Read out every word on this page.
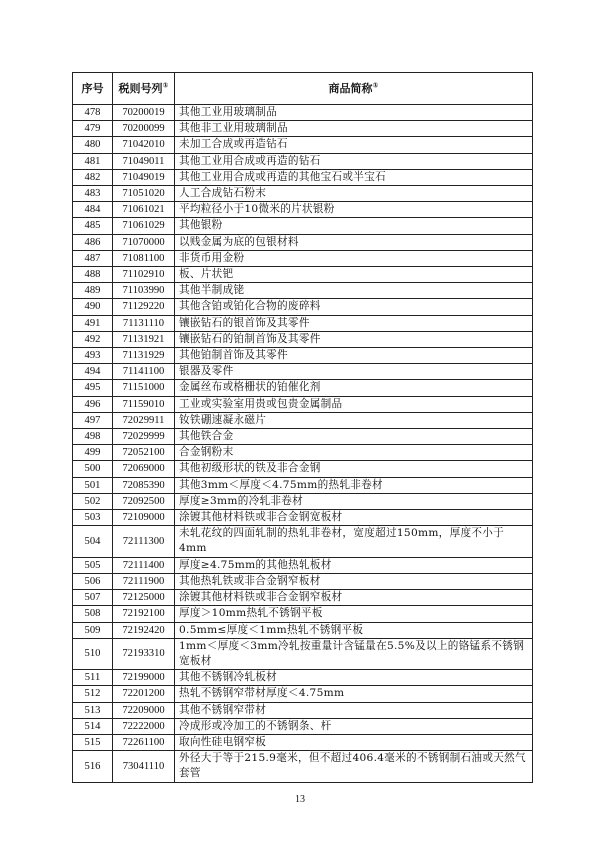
序号	税则号列①	商品简称①
478	70200019	其他工业用玻璃制品
479	70200099	其他非工业用玻璃制品
480	71042010	未加工合成或再造钻石
481	71049011	其他工业用合成或再造的钻石
482	71049019	其他工业用合成或再造的其他宝石或半宝石
483	71051020	人工合成钻石粉末
484	71061021	平均粒径小于10微米的片状银粉
485	71061029	其他银粉
486	71070000	以贱金属为底的包银材料
487	71081100	非货币用金粉
488	71102910	板、片状钯
489	71103990	其他半制成铑
490	71129220	其他含铂或铂化合物的废碎料
491	71131110	镶嵌钻石的银首饰及其零件
492	71131921	镶嵌钻石的铂制首饰及其零件
493	71131929	其他铂制首饰及其零件
494	71141100	银器及零件
495	71151000	金属丝布或格栅状的铂催化剂
496	71159010	工业或实验室用贵或包贵金属制品
497	72029911	钕铁硼速凝永磁片
498	72029999	其他铁合金
499	72052100	合金钢粉末
500	72069000	其他初级形状的铁及非合金钢
501	72085390	其他3mm＜厚度＜4.75mm的热轧非卷材
502	72092500	厚度≥3mm的冷轧非卷材
503	72109000	涂镀其他材料铁或非合金钢宽板材
504	72111300	未轧花纹的四面轧制的热轧非卷材，宽度超过150mm，厚度不小于4mm
505	72111400	厚度≥4.75mm的其他热轧板材
506	72111900	其他热轧铁或非合金钢窄板材
507	72125000	涂镀其他材料铁或非合金钢窄板材
508	72192100	厚度＞10mm热轧不锈钢平板
509	72192420	0.5mm≤厚度＜1mm热轧不锈钢平板
510	72193310	1mm＜厚度＜3mm冷轧按重量计含锰量在5.5%及以上的铬锰系不锈钢宽板材
511	72199000	其他不锈钢冷轧板材
512	72201200	热轧不锈钢窄带材厚度＜4.75mm
513	72209000	其他不锈钢窄带材
514	72222000	冷成形或冷加工的不锈钢条、杆
515	72261100	取向性硅电钢窄板
516	73041110	外径大于等于215.9毫米，但不超过406.4毫米的不锈钢制石油或天然气套管
13
